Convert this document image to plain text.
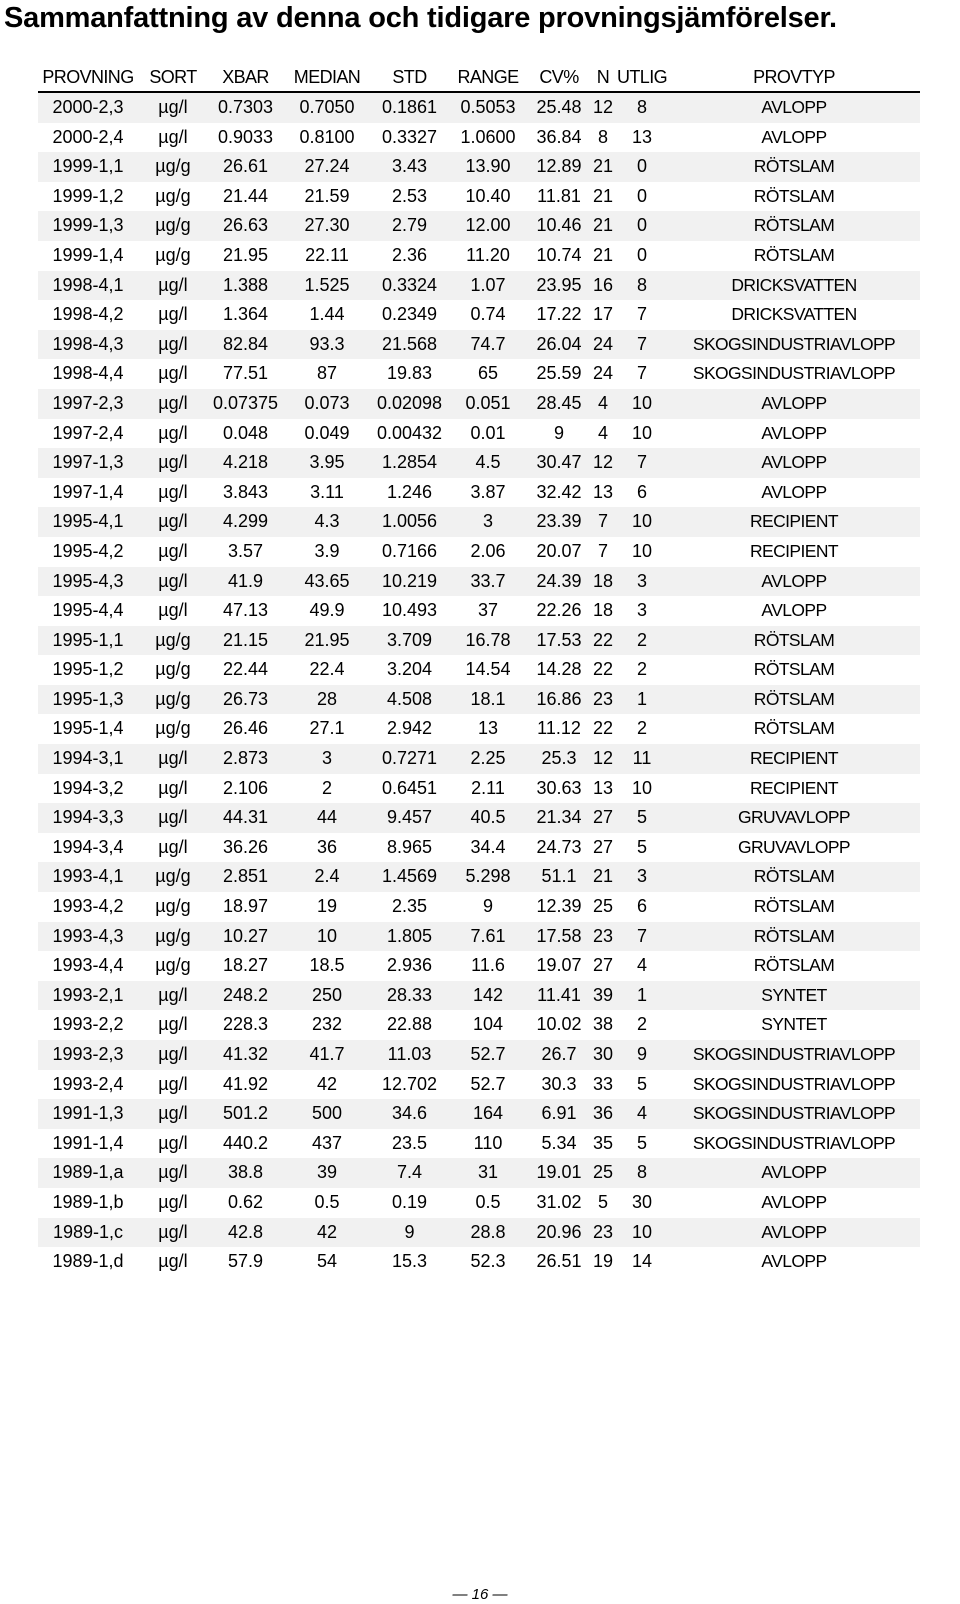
Sammanfattning av denna och tidigare provningsjämförelser.
PROVNING	SORT	XBAR	MEDIAN	STD	RANGE	CV%	N	UTLIG	PROVTYP
2000-2,3	µg/l	0.7303	0.7050	0.1861	0.5053	25.48	12	8	AVLOPP
2000-2,4	µg/l	0.9033	0.8100	0.3327	1.0600	36.84	8	13	AVLOPP
1999-1,1	µg/g	26.61	27.24	3.43	13.90	12.89	21	0	RÖTSLAM
1999-1,2	µg/g	21.44	21.59	2.53	10.40	11.81	21	0	RÖTSLAM
1999-1,3	µg/g	26.63	27.30	2.79	12.00	10.46	21	0	RÖTSLAM
1999-1,4	µg/g	21.95	22.11	2.36	11.20	10.74	21	0	RÖTSLAM
1998-4,1	µg/l	1.388	1.525	0.3324	1.07	23.95	16	8	DRICKSVATTEN
1998-4,2	µg/l	1.364	1.44	0.2349	0.74	17.22	17	7	DRICKSVATTEN
1998-4,3	µg/l	82.84	93.3	21.568	74.7	26.04	24	7	SKOGSINDUSTRIAVLOPP
1998-4,4	µg/l	77.51	87	19.83	65	25.59	24	7	SKOGSINDUSTRIAVLOPP
1997-2,3	µg/l	0.07375	0.073	0.02098	0.051	28.45	4	10	AVLOPP
1997-2,4	µg/l	0.048	0.049	0.00432	0.01	9	4	10	AVLOPP
1997-1,3	µg/l	4.218	3.95	1.2854	4.5	30.47	12	7	AVLOPP
1997-1,4	µg/l	3.843	3.11	1.246	3.87	32.42	13	6	AVLOPP
1995-4,1	µg/l	4.299	4.3	1.0056	3	23.39	7	10	RECIPIENT
1995-4,2	µg/l	3.57	3.9	0.7166	2.06	20.07	7	10	RECIPIENT
1995-4,3	µg/l	41.9	43.65	10.219	33.7	24.39	18	3	AVLOPP
1995-4,4	µg/l	47.13	49.9	10.493	37	22.26	18	3	AVLOPP
1995-1,1	µg/g	21.15	21.95	3.709	16.78	17.53	22	2	RÖTSLAM
1995-1,2	µg/g	22.44	22.4	3.204	14.54	14.28	22	2	RÖTSLAM
1995-1,3	µg/g	26.73	28	4.508	18.1	16.86	23	1	RÖTSLAM
1995-1,4	µg/g	26.46	27.1	2.942	13	11.12	22	2	RÖTSLAM
1994-3,1	µg/l	2.873	3	0.7271	2.25	25.3	12	11	RECIPIENT
1994-3,2	µg/l	2.106	2	0.6451	2.11	30.63	13	10	RECIPIENT
1994-3,3	µg/l	44.31	44	9.457	40.5	21.34	27	5	GRUVAVLOPP
1994-3,4	µg/l	36.26	36	8.965	34.4	24.73	27	5	GRUVAVLOPP
1993-4,1	µg/g	2.851	2.4	1.4569	5.298	51.1	21	3	RÖTSLAM
1993-4,2	µg/g	18.97	19	2.35	9	12.39	25	6	RÖTSLAM
1993-4,3	µg/g	10.27	10	1.805	7.61	17.58	23	7	RÖTSLAM
1993-4,4	µg/g	18.27	18.5	2.936	11.6	19.07	27	4	RÖTSLAM
1993-2,1	µg/l	248.2	250	28.33	142	11.41	39	1	SYNTET
1993-2,2	µg/l	228.3	232	22.88	104	10.02	38	2	SYNTET
1993-2,3	µg/l	41.32	41.7	11.03	52.7	26.7	30	9	SKOGSINDUSTRIAVLOPP
1993-2,4	µg/l	41.92	42	12.702	52.7	30.3	33	5	SKOGSINDUSTRIAVLOPP
1991-1,3	µg/l	501.2	500	34.6	164	6.91	36	4	SKOGSINDUSTRIAVLOPP
1991-1,4	µg/l	440.2	437	23.5	110	5.34	35	5	SKOGSINDUSTRIAVLOPP
1989-1,a	µg/l	38.8	39	7.4	31	19.01	25	8	AVLOPP
1989-1,b	µg/l	0.62	0.5	0.19	0.5	31.02	5	30	AVLOPP
1989-1,c	µg/l	42.8	42	9	28.8	20.96	23	10	AVLOPP
1989-1,d	µg/l	57.9	54	15.3	52.3	26.51	19	14	AVLOPP
— 16 —
